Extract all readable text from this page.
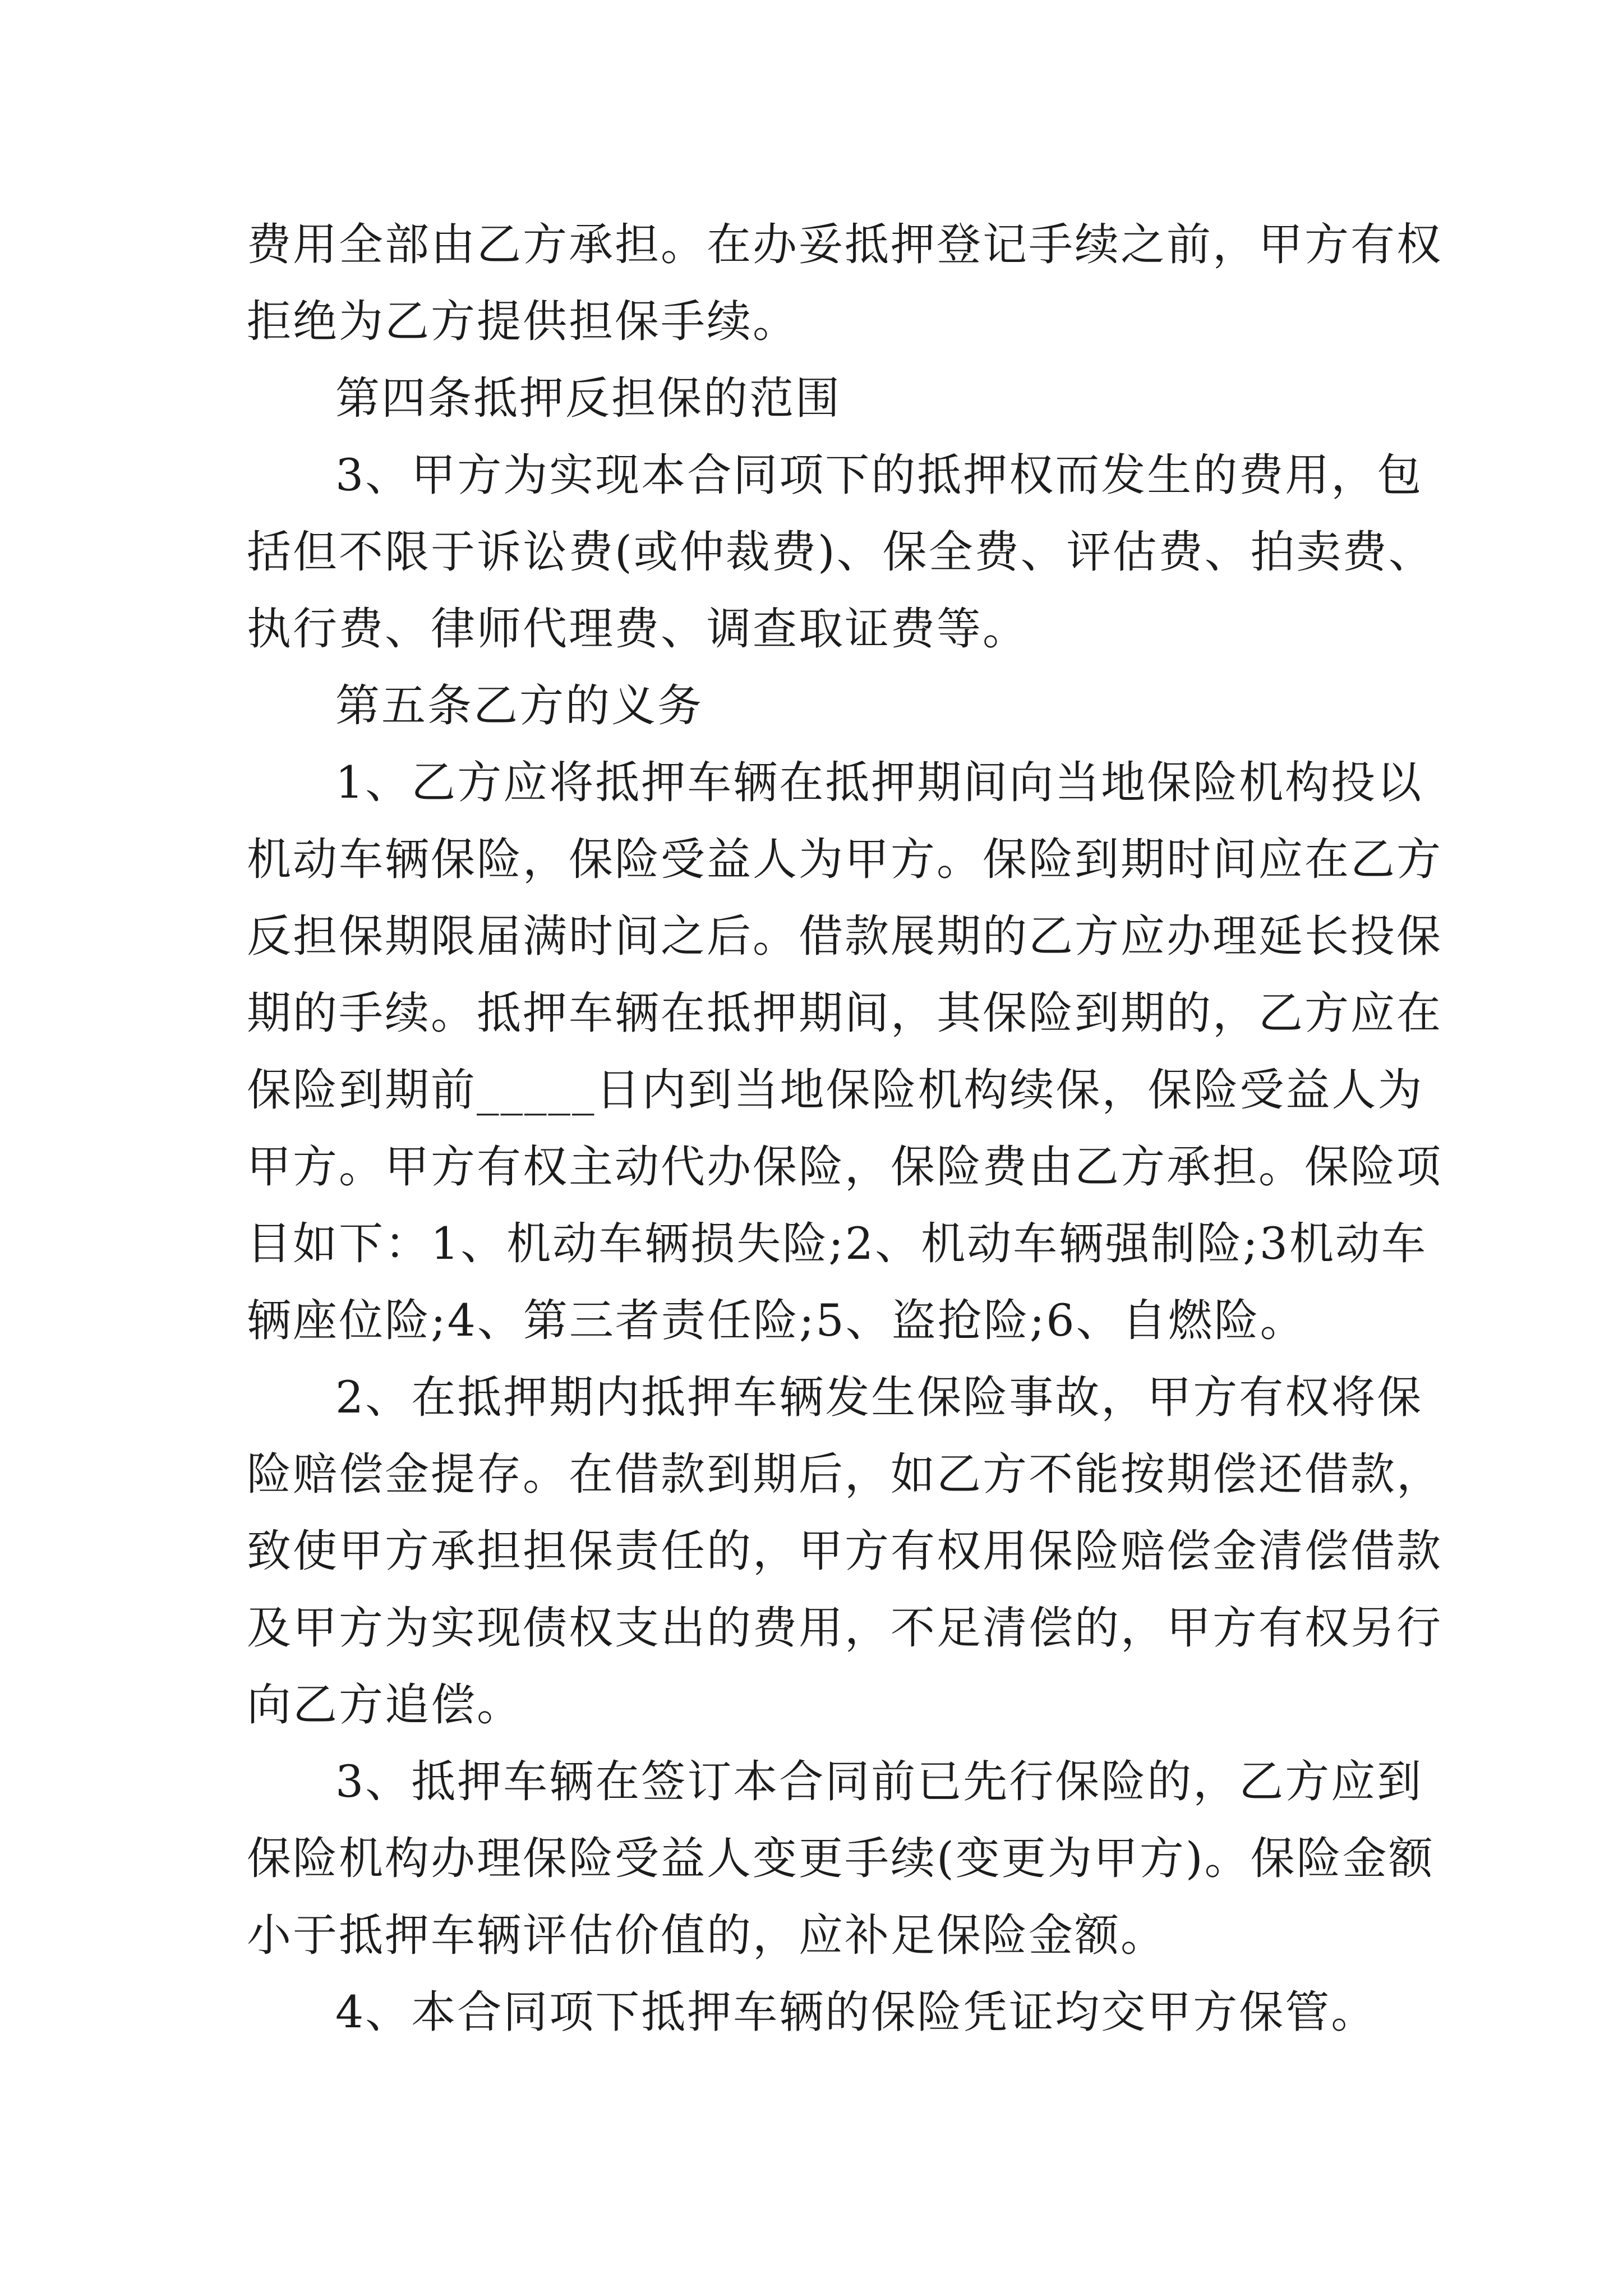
费用全部由乙方承担。在办妥抵押登记手续之前，甲方有权
拒绝为乙方提供担保手续。
第四条抵押反担保的范围
3、甲方为实现本合同项下的抵押权而发生的费用，包
括但不限于诉讼费(或仲裁费)、保全费、评估费、拍卖费、
执行费、律师代理费、调查取证费等。
第五条乙方的义务
1、乙方应将抵押车辆在抵押期间向当地保险机构投以
机动车辆保险，保险受益人为甲方。保险到期时间应在乙方
反担保期限届满时间之后。借款展期的乙方应办理延长投保
期的手续。抵押车辆在抵押期间，其保险到期的，乙方应在
保险到期前_____日内到当地保险机构续保，保险受益人为
甲方。甲方有权主动代办保险，保险费由乙方承担。保险项
目如下：1、机动车辆损失险;2、机动车辆强制险;3机动车
辆座位险;4、第三者责任险;5、盗抢险;6、自燃险。
2、在抵押期内抵押车辆发生保险事故，甲方有权将保
险赔偿金提存。在借款到期后，如乙方不能按期偿还借款，
致使甲方承担担保责任的，甲方有权用保险赔偿金清偿借款
及甲方为实现债权支出的费用，不足清偿的，甲方有权另行
向乙方追偿。
3、抵押车辆在签订本合同前已先行保险的，乙方应到
保险机构办理保险受益人变更手续(变更为甲方)。保险金额
小于抵押车辆评估价值的，应补足保险金额。
4、本合同项下抵押车辆的保险凭证均交甲方保管。
